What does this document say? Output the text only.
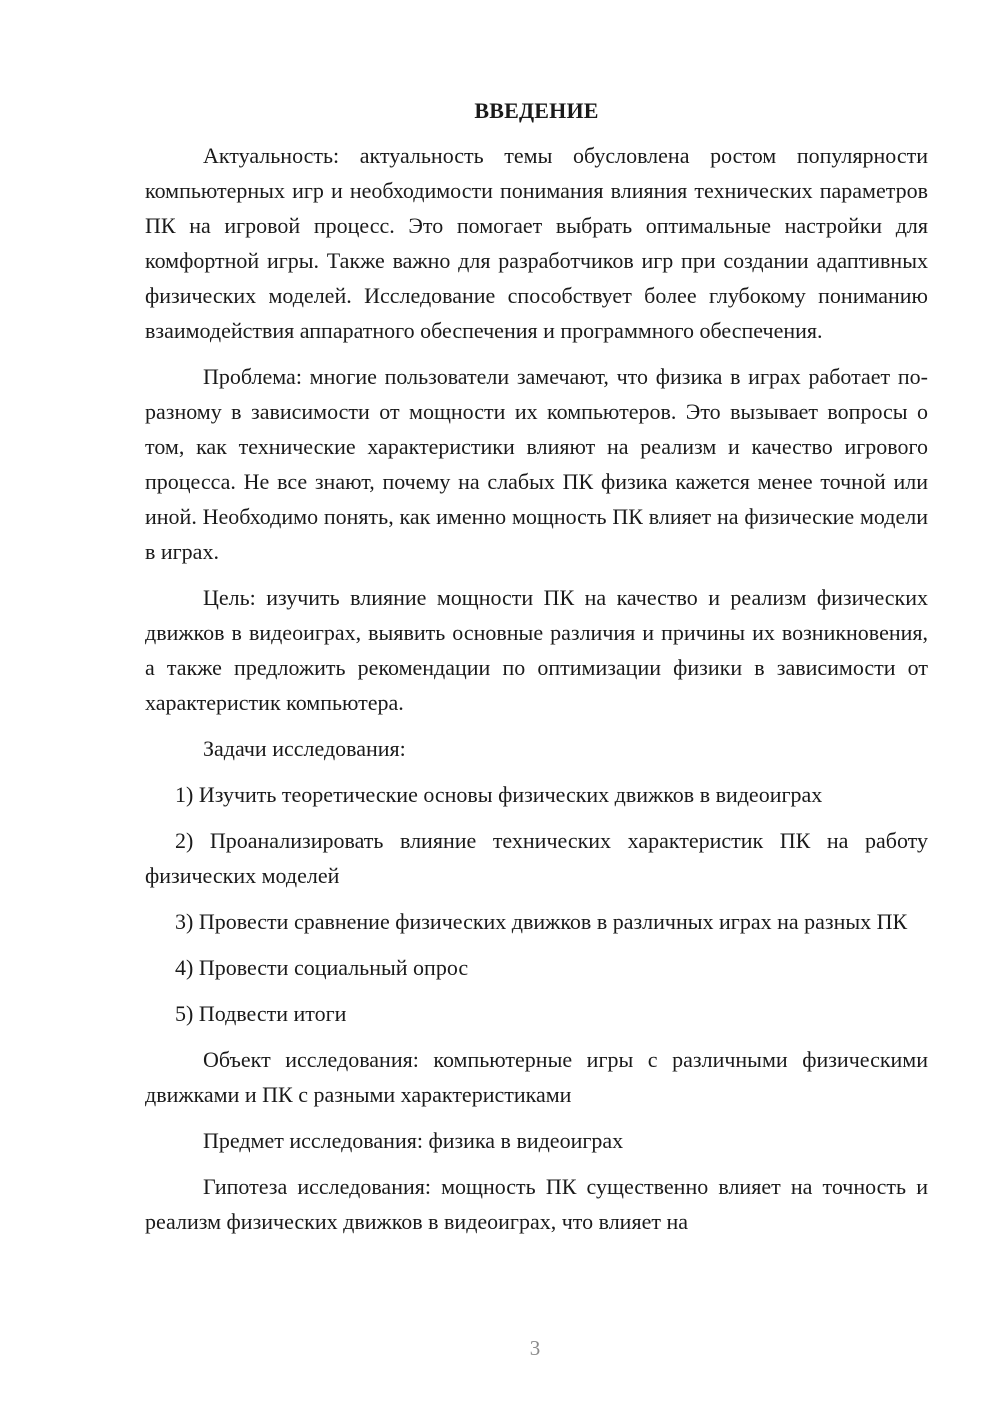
ВВЕДЕНИЕ

Актуальность: актуальность темы обусловлена ростом популярности компьютерных игр и необходимости понимания влияния технических параметров ПК на игровой процесс. Это помогает выбрать оптимальные настройки для комфортной игры. Также важно для разработчиков игр при создании адаптивных физических моделей. Исследование способствует более глубокому пониманию взаимодействия аппаратного обеспечения и программного обеспечения.

Проблема: многие пользователи замечают, что физика в играх работает по-разному в зависимости от мощности их компьютеров. Это вызывает вопросы о том, как технические характеристики влияют на реализм и качество игрового процесса. Не все знают, почему на слабых ПК физика кажется менее точной или иной. Необходимо понять, как именно мощность ПК влияет на физические модели в играх.

Цель: изучить влияние мощности ПК на качество и реализм физических движков в видеоиграх, выявить основные различия и причины их возникновения, а также предложить рекомендации по оптимизации физики в зависимости от характеристик компьютера.

Задачи исследования:

1) Изучить теоретические основы физических движков в видеоиграх

2) Проанализировать влияние технических характеристик ПК на работу физических моделей

3) Провести сравнение физических движков в различных играх на разных ПК

4) Провести социальный опрос

5) Подвести итоги

Объект исследования: компьютерные игры с различными физическими движками и ПК с разными характеристиками

Предмет исследования: физика в видеоиграх

Гипотеза исследования: мощность ПК существенно влияет на точность и реализм физических движков в видеоиграх, что влияет на

3
